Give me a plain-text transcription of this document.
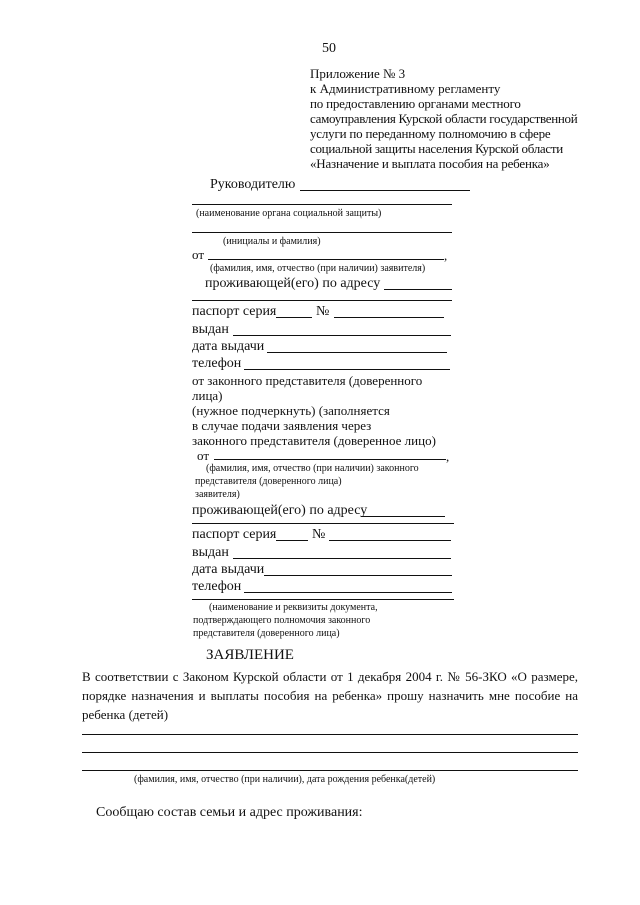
50
Приложение № 3
к Административному регламенту
по предоставлению органами местного
самоуправления Курской области государственной
услуги по переданному полномочию в сфере
социальной защиты населения Курской области
«Назначение и выплата пособия на ребенка»
Руководителю
(наименование органа социальной защиты)
(инициалы и фамилия)
от	,
(фамилия, имя, отчество (при наличии) заявителя)
проживающей(его) по адресу
паспорт серия	№
выдан
дата выдачи
телефон
от законного представителя (доверенного
лица)
(нужное подчеркнуть) (заполняется
в случае подачи заявления через
законного представителя (доверенное лицо)
от	,
(фамилия, имя, отчество (при наличии) законного
представителя (доверенного лица)
заявителя)
проживающей(его) по адресу
паспорт серия	№
выдан
дата выдачи
телефон
(наименование и реквизиты документа,
подтверждающего полномочия законного
представителя (доверенного лица)
ЗАЯВЛЕНИЕ
В соответствии с Законом Курской области от 1 декабря 2004 г. № 56-ЗКО «О размере, порядке назначения и выплаты пособия на ребенка» прошу назначить мне пособие на ребенка (детей)
(фамилия, имя, отчество (при наличии), дата рождения ребенка(детей)
Сообщаю состав семьи и адрес проживания:
